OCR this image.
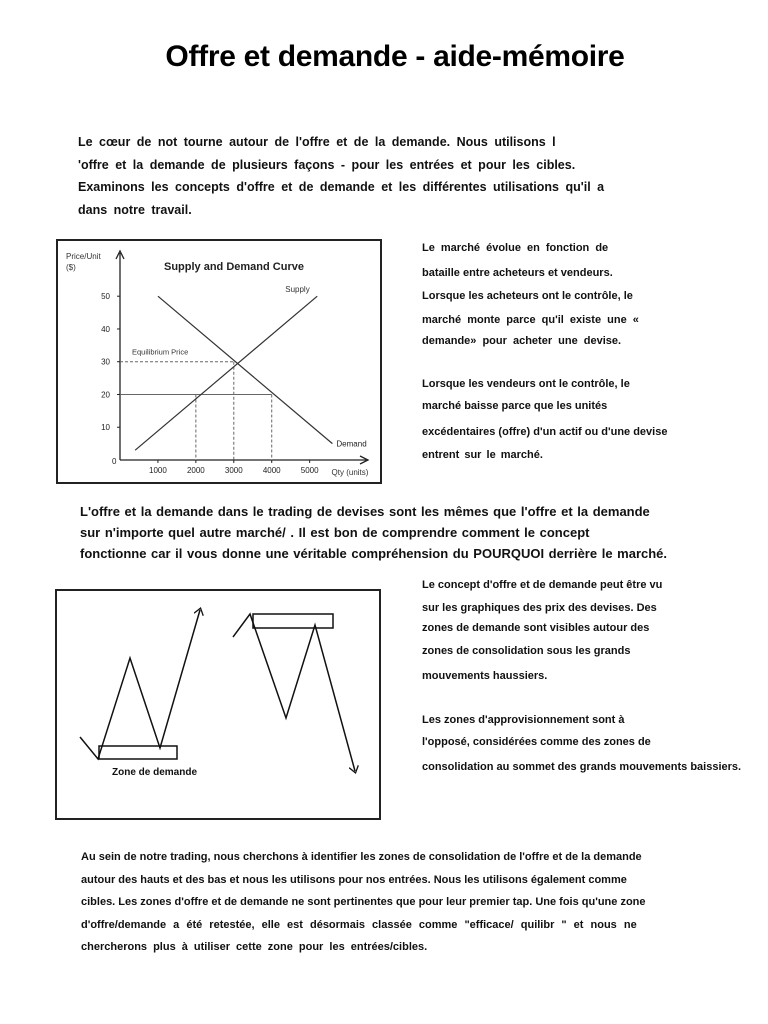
Offre et demande - aide-mémoire
Le cœur de not tourne autour de l'offre et de la demande. Nous utilisons l
'offre et la demande de plusieurs façons - pour les entrées et pour les cibles.
Examinons les concepts d'offre et de demande et les différentes utilisations qu'il a
dans notre travail.
Supply and Demand Curve
Price/Unit
($)
Qty (units)
0
10
20
30
40
50
1000	2000	3000	4000	5000
Equilibrium Price
Supply
Demand
Le marché évolue en fonction de
bataille entre acheteurs et vendeurs.
Lorsque les acheteurs ont le contrôle, le
marché monte parce qu'il existe une «
demande» pour acheter une devise.
Lorsque les vendeurs ont le contrôle, le
marché baisse parce que les unités
excédentaires (offre) d'un actif ou d'une devise
entrent sur le marché.
L'offre et la demande dans le trading de devises sont les mêmes que l'offre et la demande
sur n'importe quel autre marché/ . Il est bon de comprendre comment le concept
fonctionne car il vous donne une véritable compréhension du POURQUOI derrière le marché.
Zone de demande
Le concept d'offre et de demande peut être vu
sur les graphiques des prix des devises. Des
zones de demande sont visibles autour des
zones de consolidation sous les grands
mouvements haussiers.
Les zones d'approvisionnement sont à
l'opposé, considérées comme des zones de
consolidation au sommet des grands mouvements baissiers.
Au sein de notre trading, nous cherchons à identifier les zones de consolidation de l'offre et de la demande
autour des hauts et des bas et nous les utilisons pour nos entrées. Nous les utilisons également comme
cibles. Les zones d'offre et de demande ne sont pertinentes que pour leur premier tap. Une fois qu'une zone
d'offre/demande a été retestée, elle est désormais classée comme "efficace/ quilibr " et nous ne
chercherons plus à utiliser cette zone pour les entrées/cibles.
